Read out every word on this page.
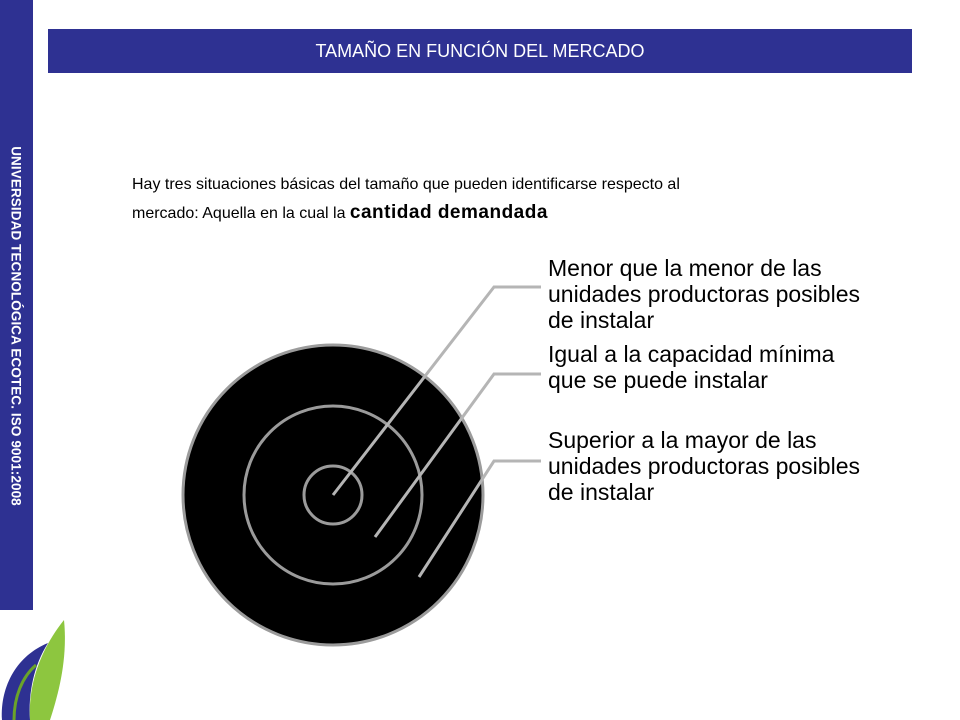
UNIVERSIDAD TECNOLÓGICA ECOTEC. ISO 9001:2008
TAMAÑO EN FUNCIÓN DEL MERCADO
Hay tres situaciones básicas del tamaño que pueden identificarse respecto al mercado: Aquella en la cual la cantidad demandada
Menor que la menor de las unidades productoras posibles de instalar
Igual a la capacidad mínima que se puede instalar
Superior a la mayor de las unidades productoras posibles de instalar
